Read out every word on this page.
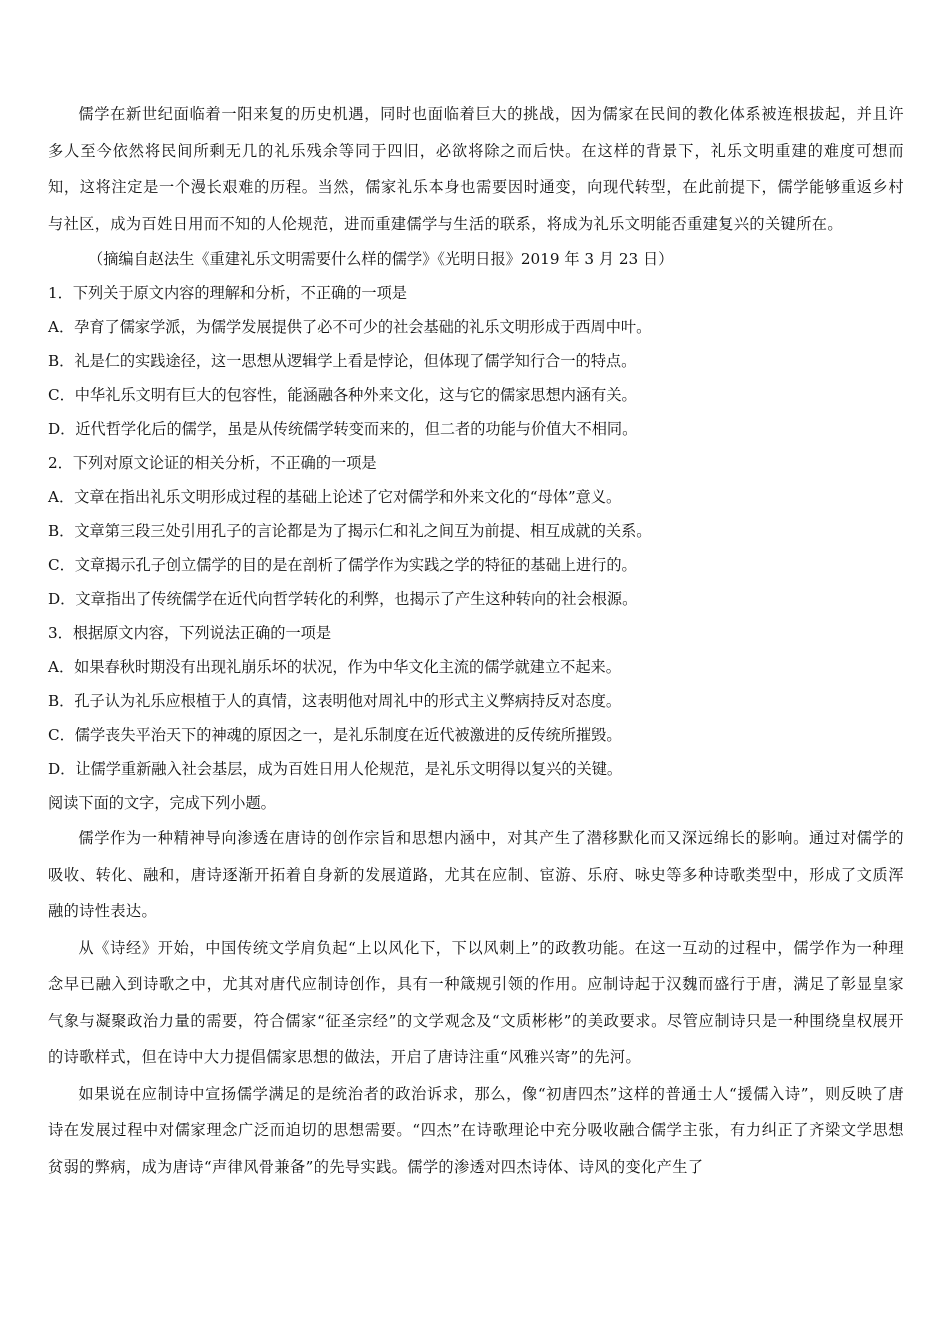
儒学在新世纪面临着一阳来复的历史机遇，同时也面临着巨大的挑战，因为儒家在民间的教化体系被连根拔起，并且许多人至今依然将民间所剩无几的礼乐残余等同于四旧，必欲将除之而后快。在这样的背景下，礼乐文明重建的难度可想而知，这将注定是一个漫长艰难的历程。当然，儒家礼乐本身也需要因时通变，向现代转型，在此前提下，儒学能够重返乡村与社区，成为百姓日用而不知的人伦规范，进而重建儒学与生活的联系，将成为礼乐文明能否重建复兴的关键所在。

（摘编自赵法生《重建礼乐文明需要什么样的儒学》《光明日报》2019 年 3 月 23 日）

1．下列关于原文内容的理解和分析，不正确的一项是

A．孕育了儒家学派，为儒学发展提供了必不可少的社会基础的礼乐文明形成于西周中叶。

B．礼是仁的实践途径，这一思想从逻辑学上看是悖论，但体现了儒学知行合一的特点。

C．中华礼乐文明有巨大的包容性，能涵融各种外来文化，这与它的儒家思想内涵有关。

D．近代哲学化后的儒学，虽是从传统儒学转变而来的，但二者的功能与价值大不相同。

2．下列对原文论证的相关分析，不正确的一项是

A．文章在指出礼乐文明形成过程的基础上论述了它对儒学和外来文化的“母体”意义。

B．文章第三段三处引用孔子的言论都是为了揭示仁和礼之间互为前提、相互成就的关系。

C．文章揭示孔子创立儒学的目的是在剖析了儒学作为实践之学的特征的基础上进行的。

D．文章指出了传统儒学在近代向哲学转化的利弊，也揭示了产生这种转向的社会根源。

3．根据原文内容，下列说法正确的一项是

A．如果春秋时期没有出现礼崩乐坏的状况，作为中华文化主流的儒学就建立不起来。

B．孔子认为礼乐应根植于人的真情，这表明他对周礼中的形式主义弊病持反对态度。

C．儒学丧失平治天下的神魂的原因之一，是礼乐制度在近代被激进的反传统所摧毁。

D．让儒学重新融入社会基层，成为百姓日用人伦规范，是礼乐文明得以复兴的关键。

阅读下面的文字，完成下列小题。

儒学作为一种精神导向渗透在唐诗的创作宗旨和思想内涵中，对其产生了潜移默化而又深远绵长的影响。通过对儒学的吸收、转化、融和，唐诗逐渐开拓着自身新的发展道路，尤其在应制、宦游、乐府、咏史等多种诗歌类型中，形成了文质浑融的诗性表达。

从《诗经》开始，中国传统文学肩负起“上以风化下，下以风刺上”的政教功能。在这一互动的过程中，儒学作为一种理念早已融入到诗歌之中，尤其对唐代应制诗创作，具有一种箴规引领的作用。应制诗起于汉魏而盛行于唐，满足了彰显皇家气象与凝聚政治力量的需要，符合儒家“征圣宗经”的文学观念及“文质彬彬”的美政要求。尽管应制诗只是一种围绕皇权展开的诗歌样式，但在诗中大力提倡儒家思想的做法，开启了唐诗注重“风雅兴寄”的先河。

如果说在应制诗中宣扬儒学满足的是统治者的政治诉求，那么，像“初唐四杰”这样的普通士人“援儒入诗”，则反映了唐诗在发展过程中对儒家理念广泛而迫切的思想需要。“四杰”在诗歌理论中充分吸收融合儒学主张，有力纠正了齐梁文学思想贫弱的弊病，成为唐诗“声律风骨兼备”的先导实践。儒学的渗透对四杰诗体、诗风的变化产生了
